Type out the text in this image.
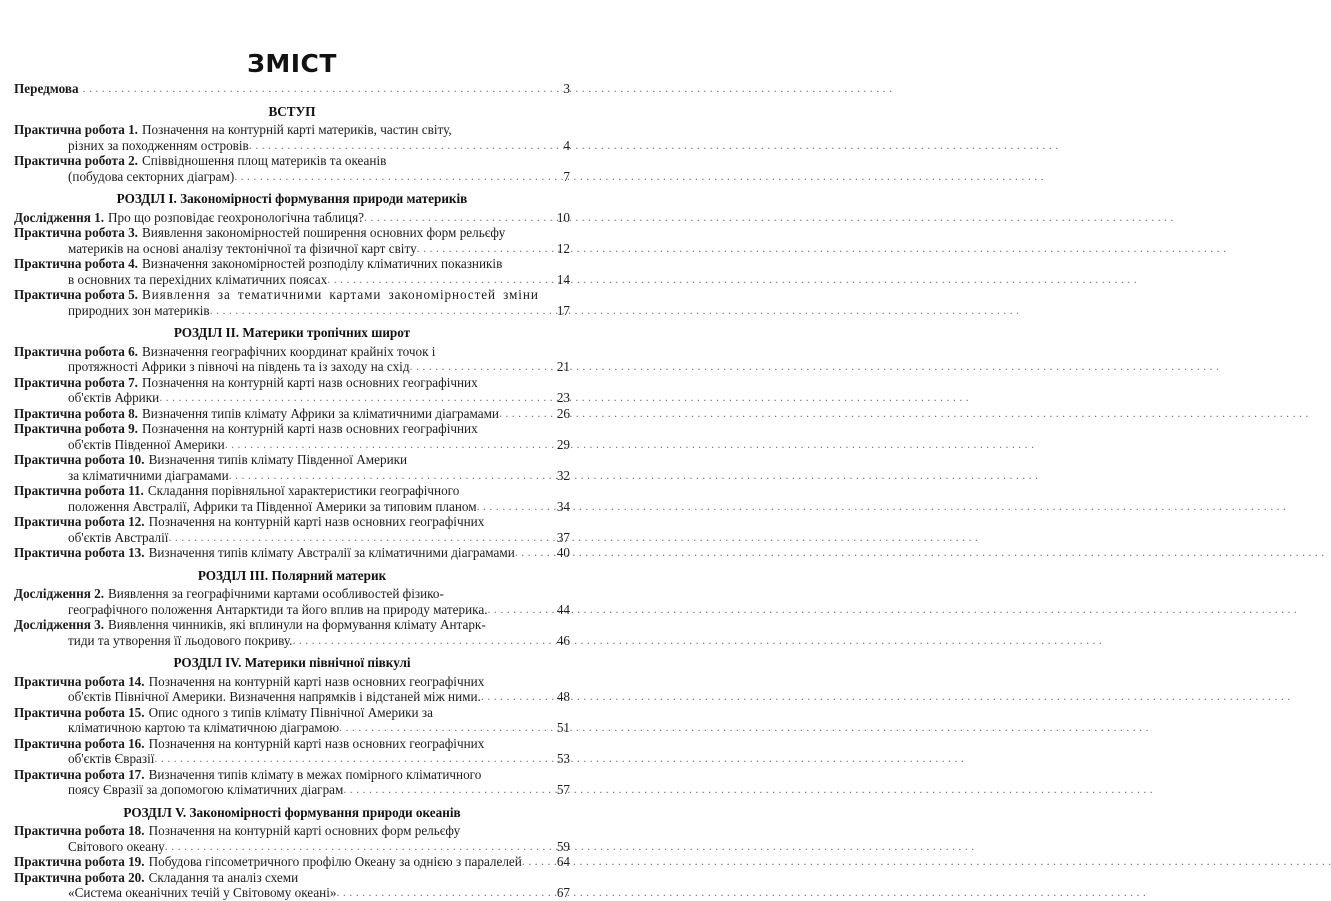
ЗМІСТ
Передмова . . .	3
ВСТУП
Практична робота 1. Позначення на контурній карті материків, частин світу,
різних за походженням островів . . .	4
Практична робота 2. Співвідношення площ материків та океанів
(побудова секторних діаграм) . . .	7
РОЗДІЛ I. Закономірності формування природи материків
Дослідження 1. Про що розповідає геохронологічна таблиця? . . .	10
Практична робота 3. Виявлення закономірностей поширення основних форм рельєфу
материків на основі аналізу тектонічної та фізичної карт світу . . .	12
Практична робота 4. Визначення закономірностей розподілу кліматичних показників
в основних та перехідних кліматичних поясах . . .	14
Практична робота 5. Виявлення за тематичними картами закономірностей зміни
природних зон материків . . .	17
РОЗДІЛ II. Материки тропічних широт
Практична робота 6. Визначення географічних координат крайніх точок і
протяжності Африки з півночі на південь та із заходу на схід . . .	21
Практична робота 7. Позначення на контурній карті назв основних географічних
об'єктів Африки . . .	23
Практична робота 8. Визначення типів клімату Африки за кліматичними діаграмами . . .	26
Практична робота 9. Позначення на контурній карті назв основних географічних
об'єктів Південної Америки . . .	29
Практична робота 10. Визначення типів клімату Південної Америки
за кліматичними діаграмами . . .	32
Практична робота 11. Складання порівняльної характеристики географічного
положення Австралії, Африки та Південної Америки за типовим планом . . .	34
Практична робота 12. Позначення на контурній карті назв основних географічних
об'єктів Австралії . . .	37
Практична робота 13. Визначення типів клімату Австралії за кліматичними діаграмами . . .	40
РОЗДІЛ III. Полярний материк
Дослідження 2. Виявлення за географічними картами особливостей фізико-
географічного положення Антарктиди та його вплив на природу материка. . . .	44
Дослідження 3. Виявлення чинників, які вплинули на формування клімату Антарк-
тиди та утворення її льодового покриву. . . .	46
РОЗДІЛ IV. Материки північної півкулі
Практична робота 14. Позначення на контурній карті назв основних географічних
об'єктів Північної Америки. Визначення напрямків і відстаней між ними. . . .	48
Практична робота 15. Опис одного з типів клімату Північної Америки за
кліматичною картою та кліматичною діаграмою . . .	51
Практична робота 16. Позначення на контурній карті назв основних географічних
об'єктів Євразії . . .	53
Практична робота 17. Визначення типів клімату в межах помірного кліматичного
поясу Євразії за допомогою кліматичних діаграм . . .	57
РОЗДІЛ V. Закономірності формування природи океанів
Практична робота 18. Позначення на контурній карті основних форм рельєфу
Світового океану . . .	59
Практична робота 19. Побудова гіпсометричного профілю Океану за однією з паралелей . . .	64
Практична робота 20. Складання та аналіз схеми
«Система океанічних течій у Світовому океані» . . .	67
